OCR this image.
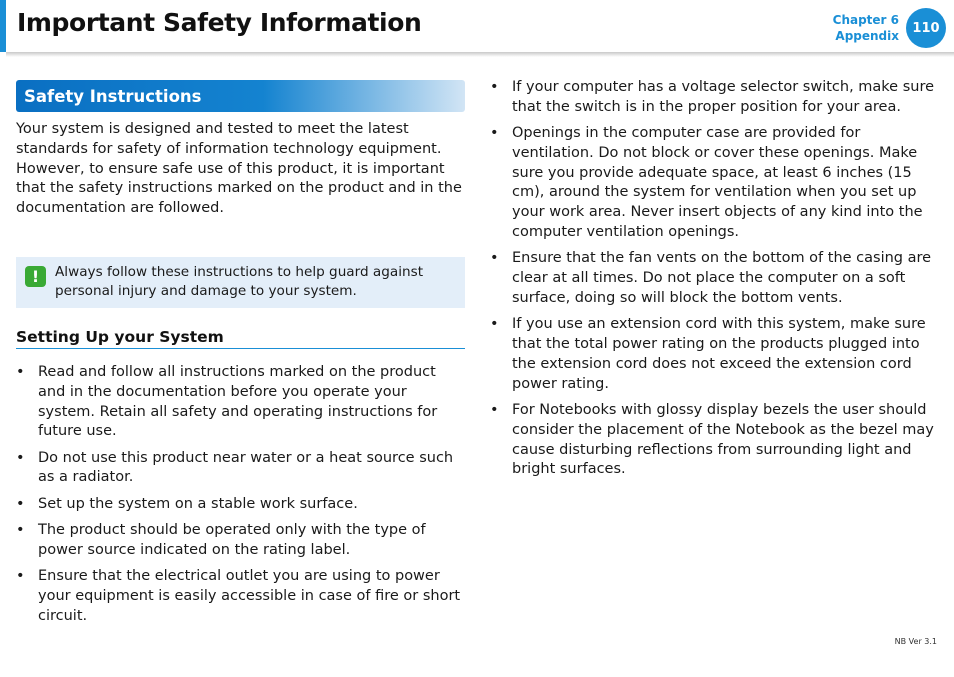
Important Safety Information	Chapter 6
Appendix
110
Safety Instructions

Your system is designed and tested to meet the latest standards for safety of information technology equipment. However, to ensure safe use of this product, it is important that the safety instructions marked on the product and in the documentation are followed.

!	Always follow these instructions to help guard against personal injury and damage to your system.
Setting Up your System
• Read and follow all instructions marked on the product and in the documentation before you operate your system. Retain all safety and operating instructions for future use.
• Do not use this product near water or a heat source such as a radiator.
• Set up the system on a stable work surface.
• The product should be operated only with the type of power source indicated on the rating label.
• Ensure that the electrical outlet you are using to power your equipment is easily accessible in case of fire or short circuit.
• If your computer has a voltage selector switch, make sure that the switch is in the proper position for your area.
• Openings in the computer case are provided for ventilation. Do not block or cover these openings. Make sure you provide adequate space, at least 6 inches (15 cm), around the system for ventilation when you set up your work area. Never insert objects of any kind into the computer ventilation openings.
• Ensure that the fan vents on the bottom of the casing are clear at all times. Do not place the computer on a soft surface, doing so will block the bottom vents.
• If you use an extension cord with this system, make sure that the total power rating on the products plugged into the extension cord does not exceed the extension cord power rating.
• For Notebooks with glossy display bezels the user should consider the placement of the Notebook as the bezel may cause disturbing reflections from surrounding light and bright surfaces.
NB Ver 3.1
